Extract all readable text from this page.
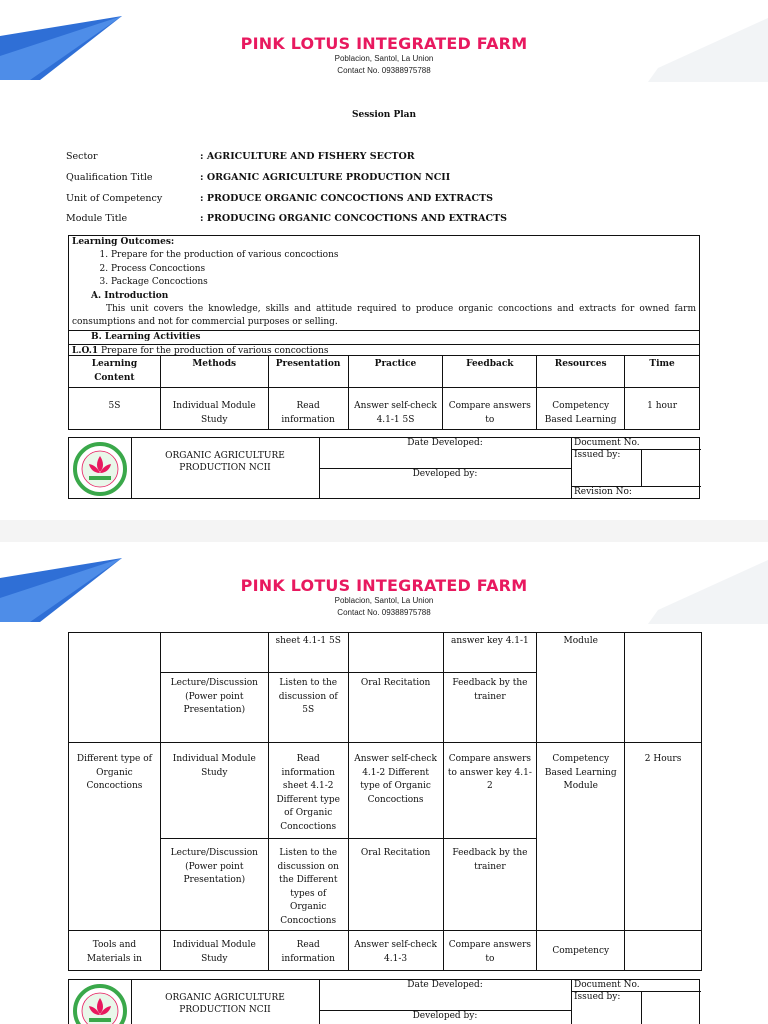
PINK LOTUS INTEGRATED FARM
Poblacion, Santol, La Union
Contact No. 09388975788
Session Plan
Sector	: AGRICULTURE AND FISHERY SECTOR
Qualification Title	: ORGANIC AGRICULTURE PRODUCTION NCII
Unit of Competency	: PRODUCE ORGANIC CONCOCTIONS AND EXTRACTS
Module Title	: PRODUCING ORGANIC CONCOCTIONS AND EXTRACTS
Learning Outcomes:
1. Prepare for the production of various concoctions
2. Process Concoctions
3. Package Concoctions
A. Introduction
This unit covers the knowledge, skills and attitude required to produce organic concoctions and extracts for owned farm consumptions and not for commercial purposes or selling.
B. Learning Activities
L.O.1 Prepare for the production of various concoctions
Learning Content	Methods	Presentation	Practice	Feedback	Resources	Time
5S	Individual Module Study	Read information	Answer self-check 4.1-1 5S	Compare answers to	Competency Based Learning	1 hour
ORGANIC AGRICULTURE PRODUCTION NCII
Date Developed:
Developed by:
Document No.
Issued by:
Revision No:
PINK LOTUS INTEGRATED FARM
Poblacion, Santol, La Union
Contact No. 09388975788
		sheet 4.1-1 5S		answer key 4.1-1	Module	
	Lecture/Discussion (Power point Presentation)	Listen to the discussion of 5S	Oral Recitation	Feedback by the trainer		
Different type of Organic Concoctions	Individual Module Study	Read information sheet 4.1-2 Different type of Organic Concoctions	Answer self-check 4.1-2 Different type of Organic Concoctions	Compare answers to answer key 4.1-2	Competency Based Learning Module	2 Hours
	Lecture/Discussion (Power point Presentation)	Listen to the discussion on the Different types of Organic Concoctions	Oral Recitation	Feedback by the trainer		
Tools and Materials in	Individual Module Study	Read information	Answer self-check 4.1-3	Compare answers to	Competency	
ORGANIC AGRICULTURE PRODUCTION NCII
Date Developed:
Developed by:
Document No.
Issued by:
